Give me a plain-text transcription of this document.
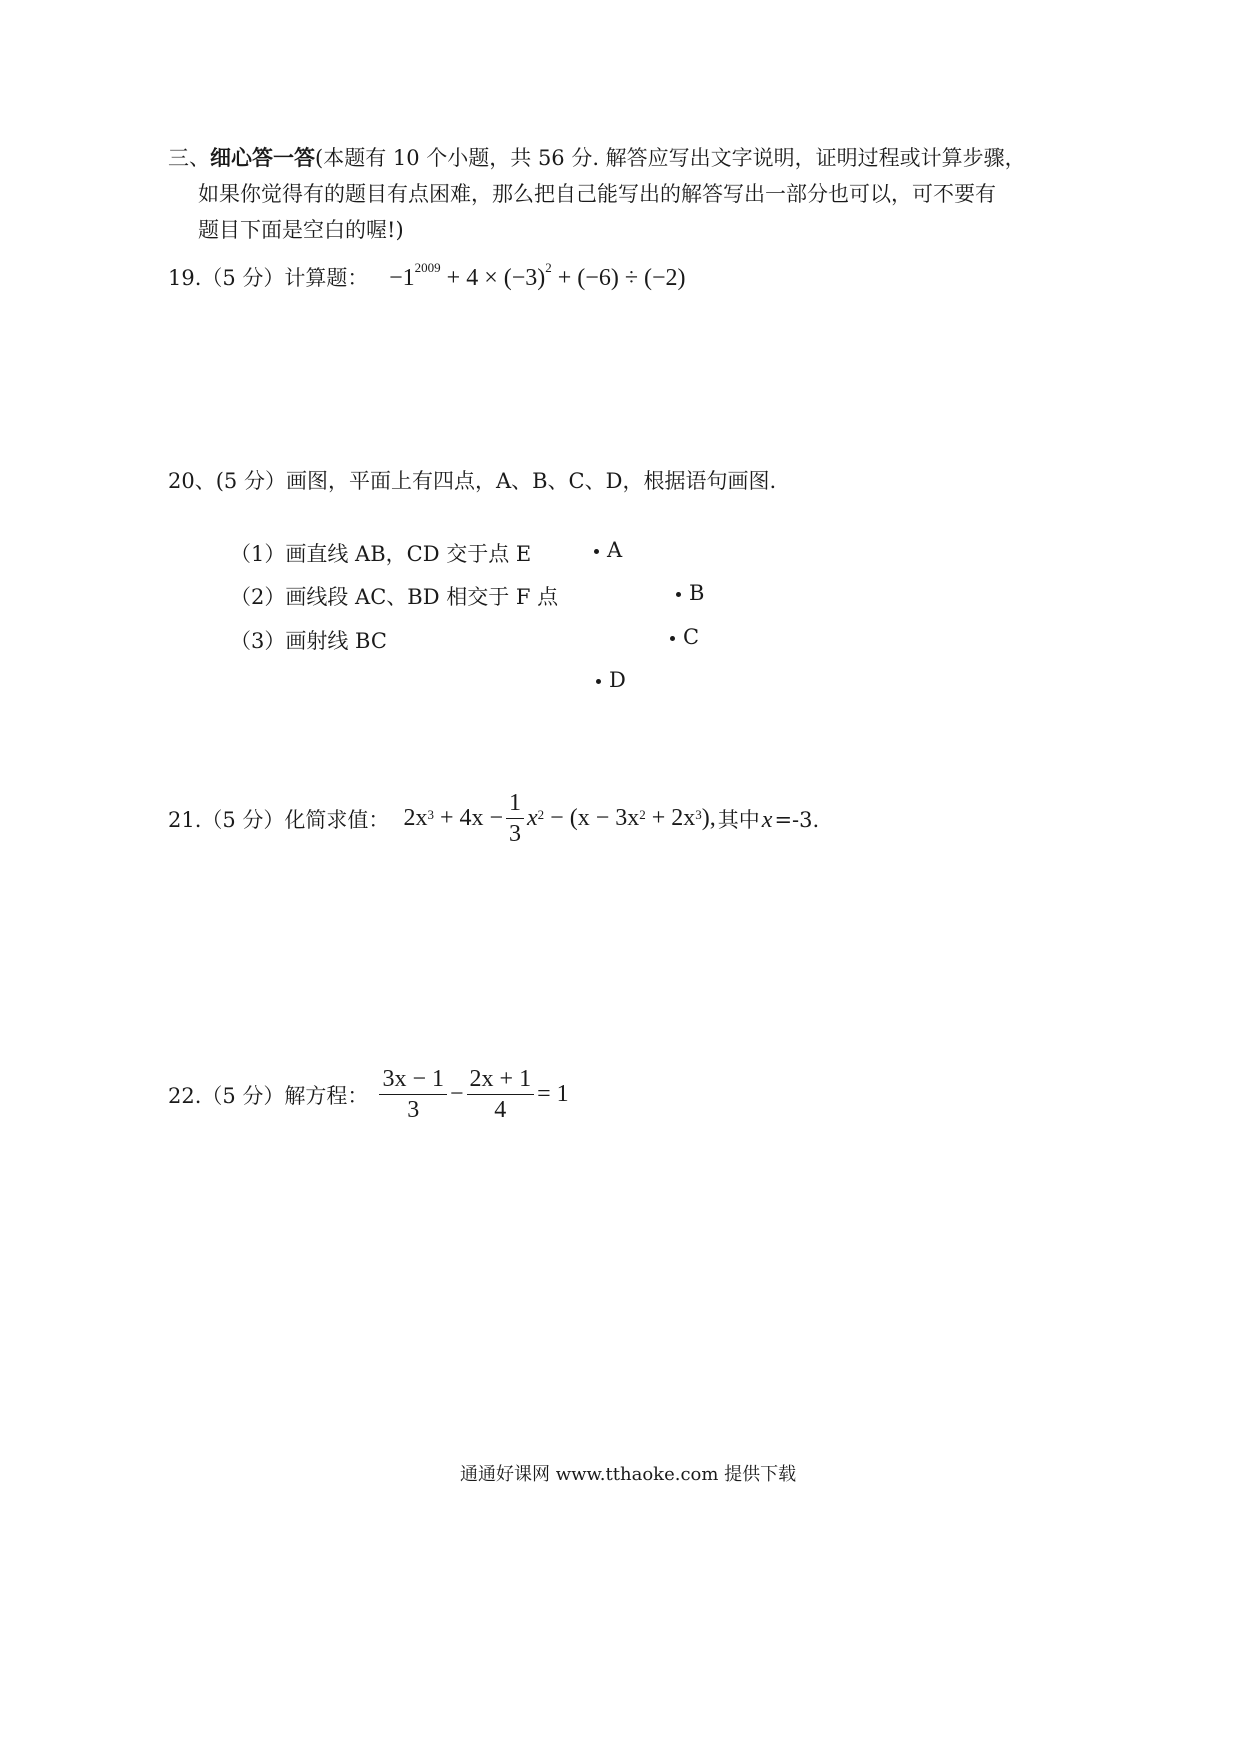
三、细心答一答(本题有 10 个小题，共 56 分. 解答应写出文字说明，证明过程或计算步骤，
如果你觉得有的题目有点困难，那么把自己能写出的解答写出一部分也可以，可不要有
题目下面是空白的喔!)
19.（5 分）计算题： $-1^{2009} + 4 \times (-3)^2 + (-6) \div (-2)$
20、(5 分）画图，平面上有四点，A、B、C、D，根据语句画图.
（1）画直线 AB，CD 交于点 E
（2）画线段 AC、BD 相交于 F 点
（3）画射线 BC
A
B
C
D
21.（5 分）化简求值： $2x^3 + 4x - \frac{1}{3} x^2 - (x - 3x^2 + 2x^3$ ), 其中x=-3.
22.（5 分）解方程： $\frac{3x - 1}{3} - \frac{2x + 1}{4} = 1$
通通好课网 www.tthaoke.com 提供下载
